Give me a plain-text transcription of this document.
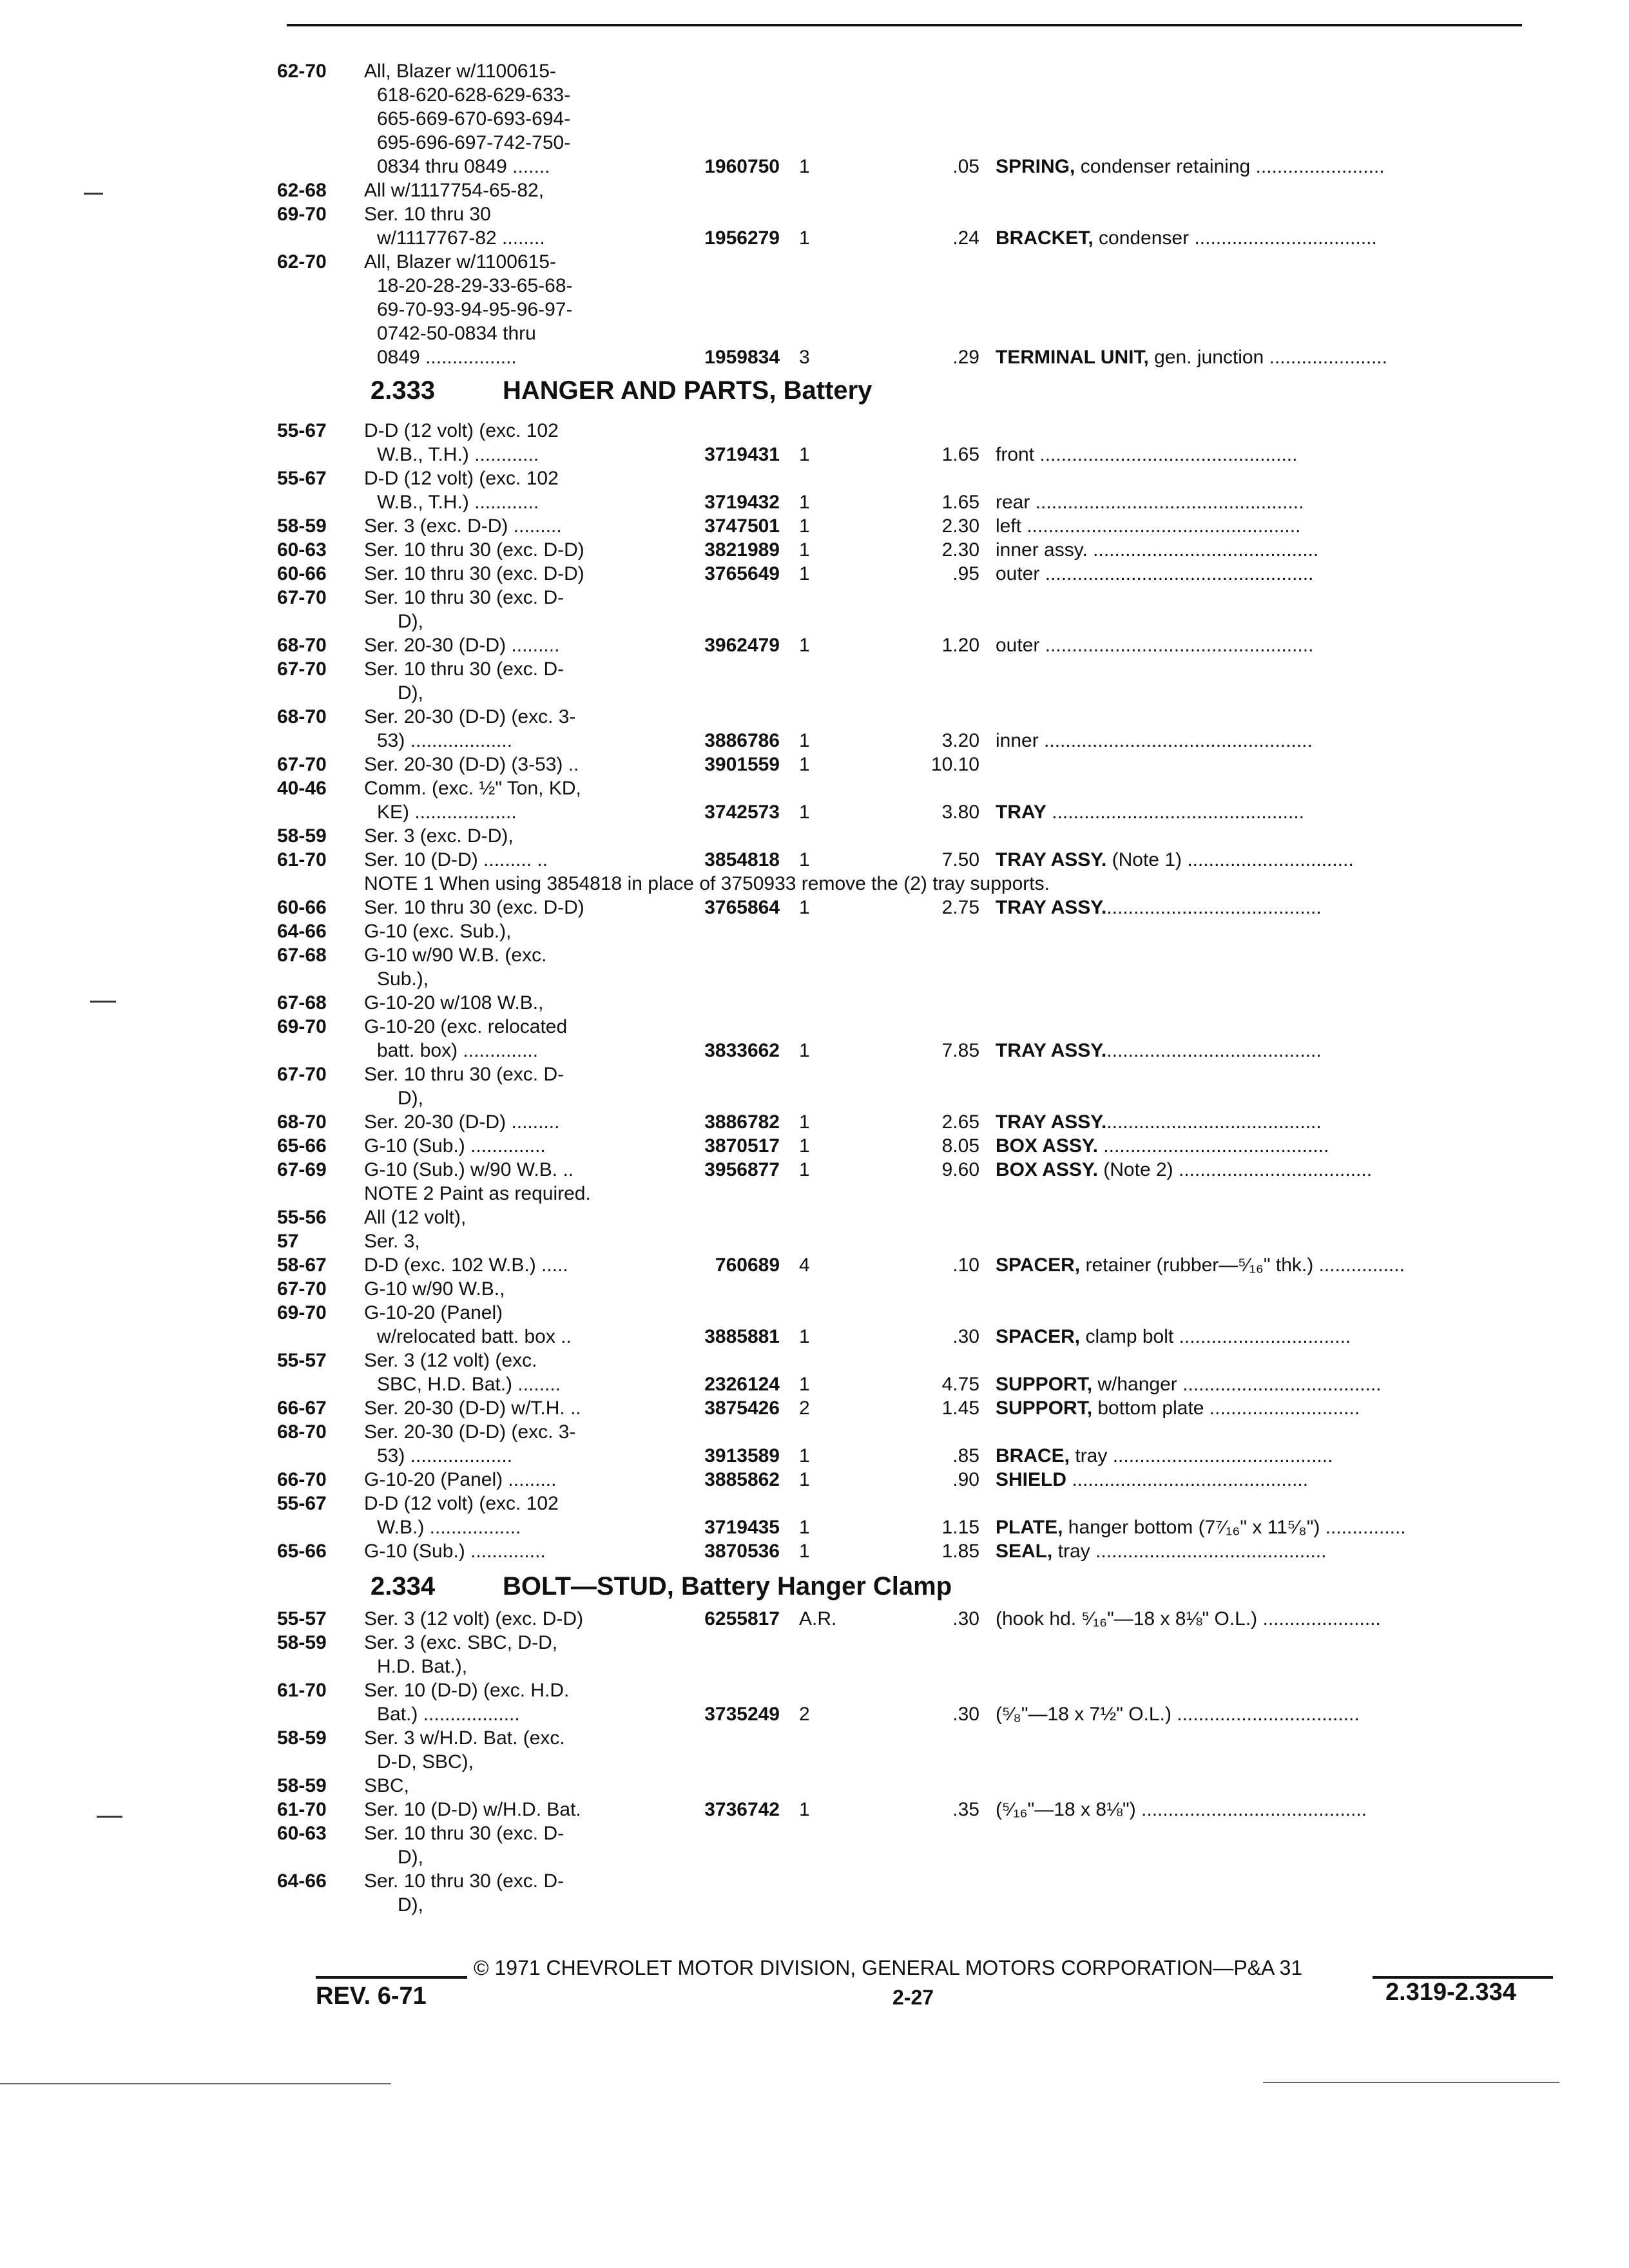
62-70 All, Blazer w/1100615-
618-620-628-629-633-
665-669-670-693-694-
695-696-697-742-750-
0834 thru 0849 .......	1960750 1	.05 SPRING, condenser retaining ........................
62-68 All w/1117754-65-82,
69-70 Ser. 10 thru 30
w/1117767-82 ........	1956279 1	.24 BRACKET, condenser ..................................
62-70 All, Blazer w/1100615-
18-20-28-29-33-65-68-
69-70-93-94-95-96-97-
0742-50-0834 thru
0849 .................	1959834 3	.29 TERMINAL UNIT, gen. junction ......................
2.333	HANGER AND PARTS, Battery
55-67 D-D (12 volt) (exc. 102
W.B., T.H.) ............	3719431 1	1.65 front ................................................
55-67 D-D (12 volt) (exc. 102
W.B., T.H.) ............	3719432 1	1.65 rear ..................................................
58-59 Ser. 3 (exc. D-D) .........	3747501 1	2.30 left ...................................................
60-63 Ser. 10 thru 30 (exc. D-D)	3821989 1	2.30 inner assy. ..........................................
60-66 Ser. 10 thru 30 (exc. D-D)	3765649 1	.95 outer ..................................................
67-70 Ser. 10 thru 30 (exc. D-
D),
68-70 Ser. 20-30 (D-D) .........	3962479 1	1.20 outer ..................................................
67-70 Ser. 10 thru 30 (exc. D-
D),
68-70 Ser. 20-30 (D-D) (exc. 3-
53) ...................	3886786 1	3.20 inner ..................................................
67-70 Ser. 20-30 (D-D) (3-53) ..	3901559 1	10.10
40-46 Comm. (exc. ½" Ton, KD,
KE) ...................	3742573 1	3.80 TRAY ...............................................
58-59 Ser. 3 (exc. D-D),
61-70 Ser. 10 (D-D) ......... ..	3854818 1	7.50 TRAY ASSY. (Note 1) ...............................
NOTE 1 When using 3854818 in place of 3750933 remove the (2) tray supports.
60-66 Ser. 10 thru 30 (exc. D-D)	3765864 1	2.75 TRAY ASSY.........................................
64-66 G-10 (exc. Sub.),
67-68 G-10 w/90 W.B. (exc.
Sub.),
67-68 G-10-20 w/108 W.B.,
69-70 G-10-20 (exc. relocated
batt. box) ..............	3833662 1	7.85 TRAY ASSY.........................................
67-70 Ser. 10 thru 30 (exc. D-
D),
68-70 Ser. 20-30 (D-D) .........	3886782 1	2.65 TRAY ASSY.........................................
65-66 G-10 (Sub.) ..............	3870517 1	8.05 BOX ASSY. ..........................................
67-69 G-10 (Sub.) w/90 W.B. ..	3956877 1	9.60 BOX ASSY. (Note 2) ....................................
NOTE 2 Paint as required.
55-56 All (12 volt),
57	Ser. 3,
58-67 D-D (exc. 102 W.B.) .....	760689 4	.10 SPACER, retainer (rubber—⁵⁄₁₆" thk.) ................
67-70 G-10 w/90 W.B.,
69-70 G-10-20 (Panel)
w/relocated batt. box ..	3885881 1	.30 SPACER, clamp bolt ................................
55-57 Ser. 3 (12 volt) (exc.
SBC, H.D. Bat.) ........	2326124 1	4.75 SUPPORT, w/hanger .....................................
66-67 Ser. 20-30 (D-D) w/T.H. ..	3875426 2	1.45 SUPPORT, bottom plate ............................
68-70 Ser. 20-30 (D-D) (exc. 3-
53) ...................	3913589 1	.85 BRACE, tray .........................................
66-70 G-10-20 (Panel) .........	3885862 1	.90 SHIELD ............................................
55-67 D-D (12 volt) (exc. 102
W.B.) .................	3719435 1	1.15 PLATE, hanger bottom (7⁷⁄₁₆" x 11⁵⁄₈") ...............
65-66 G-10 (Sub.) ..............	3870536 1	1.85 SEAL, tray ...........................................
2.334	BOLT—STUD, Battery Hanger Clamp
55-57 Ser. 3 (12 volt) (exc. D-D)	6255817 A.R.	.30 (hook hd. ⁵⁄₁₆"—18 x 8⅛" O.L.) ......................
58-59 Ser. 3 (exc. SBC, D-D,
H.D. Bat.),
61-70 Ser. 10 (D-D) (exc. H.D.
Bat.) ..................	3735249 2	.30 (⁵⁄₈"—18 x 7½" O.L.) ..................................
58-59 Ser. 3 w/H.D. Bat. (exc.
D-D, SBC),
58-59 SBC,
61-70 Ser. 10 (D-D) w/H.D. Bat.	3736742 1	.35 (⁵⁄₁₆"—18 x 8⅛") ..........................................
60-63 Ser. 10 thru 30 (exc. D-
D),
64-66 Ser. 10 thru 30 (exc. D-
D),
© 1971 CHEVROLET MOTOR DIVISION, GENERAL MOTORS CORPORATION—P&A 31
REV. 6-71	2-27	2.319-2.334
